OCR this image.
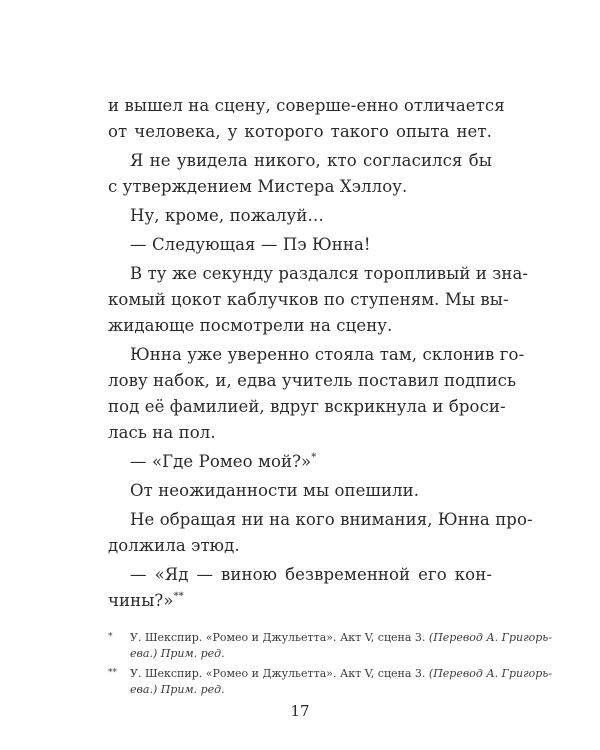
и вышел на сцену, соверше-енно отличается
от человека, у которого такого опыта нет.
Я не увидела никого, кто согласился бы
с утверждением Мистера Хэллоу.
Ну, кроме, пожалуй…
— Следующая — Пэ Юнна!
В ту же секунду раздался торопливый и зна-
комый цокот каблучков по ступеням. Мы вы-
жидающе посмотрели на сцену.
Юнна уже уверенно стояла там, склонив го-
лову набок, и, едва учитель поставил подпись
под её фамилией, вдруг вскрикнула и броси-
лась на пол.
— «Где Ромео мой?»*
От неожиданности мы опешили.
Не обращая ни на кого внимания, Юнна про-
должила этюд.
— «Яд — виною безвременной его кон-
чины?»**
* У. Шекспир. «Ромео и Джульетта». Акт V, сцена 3. (Перевод А. Григорь-
ева.) Прим. ред.
** У. Шекспир. «Ромео и Джульетта». Акт V, сцена 3. (Перевод А. Григорь-
ева.) Прим. ред.
17
